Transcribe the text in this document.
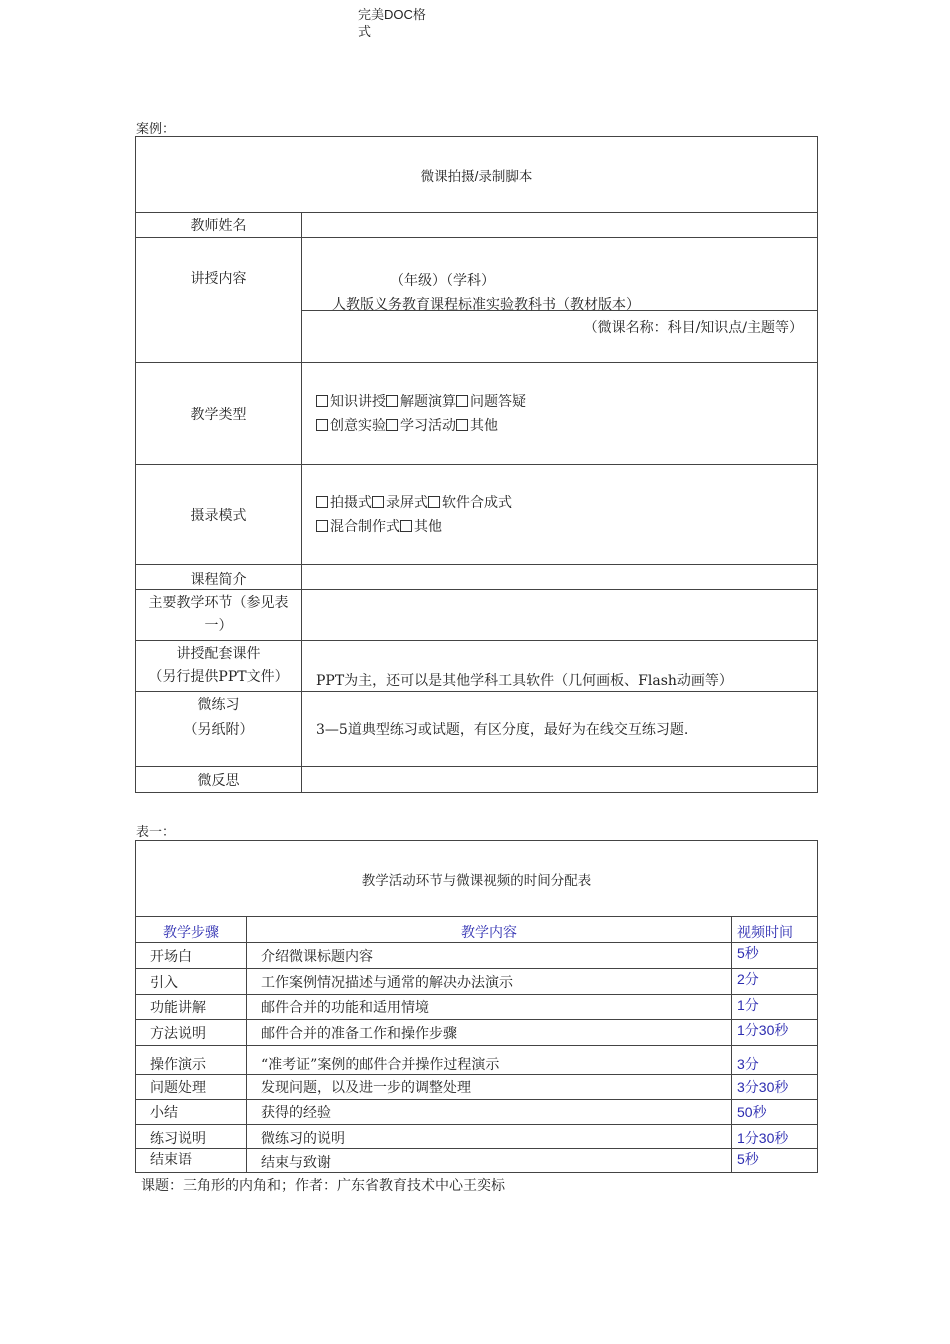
完美DOC格
式
案例：
微课拍摄/录制脚本	
教师姓名	
讲授内容	（年级）（学科）
人教版义务教育课程标准实验教科书（教材版本）
（微课名称：科目/知识点/主题等）

教学类型	知识讲授 解题演算 问题答疑
创意实验 学习活动 其他

摄录模式	拍摄式 录屏式 软件合成式
混合制作式 其他

课程简介	

主要教学环节（参见表
一）	

讲授配套课件
（另行提供PPT文件）	PPT为主，还可以是其他学科工具软件（几何画板、Flash动画等）

微练习
（另纸附）	3—5道典型练习或试题，有区分度，最好为在线交互练习题.
微反思	
表一：
教学活动环节与微课视频的时间分配表		
教学步骤	教学内容	视频时间
开场白	介绍微课标题内容	5秒
引入	工作案例情况描述与通常的解决办法演示	2分
功能讲解	邮件合并的功能和适用情境	1分
方法说明	邮件合并的准备工作和操作步骤	1分30秒
操作演示	“准考证”案例的邮件合并操作过程演示	3分
问题处理	发现问题，以及进一步的调整处理	3分30秒
小结	获得的经验	50秒
练习说明	微练习的说明	1分30秒
结束语	结束与致谢	5秒
课题：三角形的内角和；作者：广东省教育技术中心王奕标
